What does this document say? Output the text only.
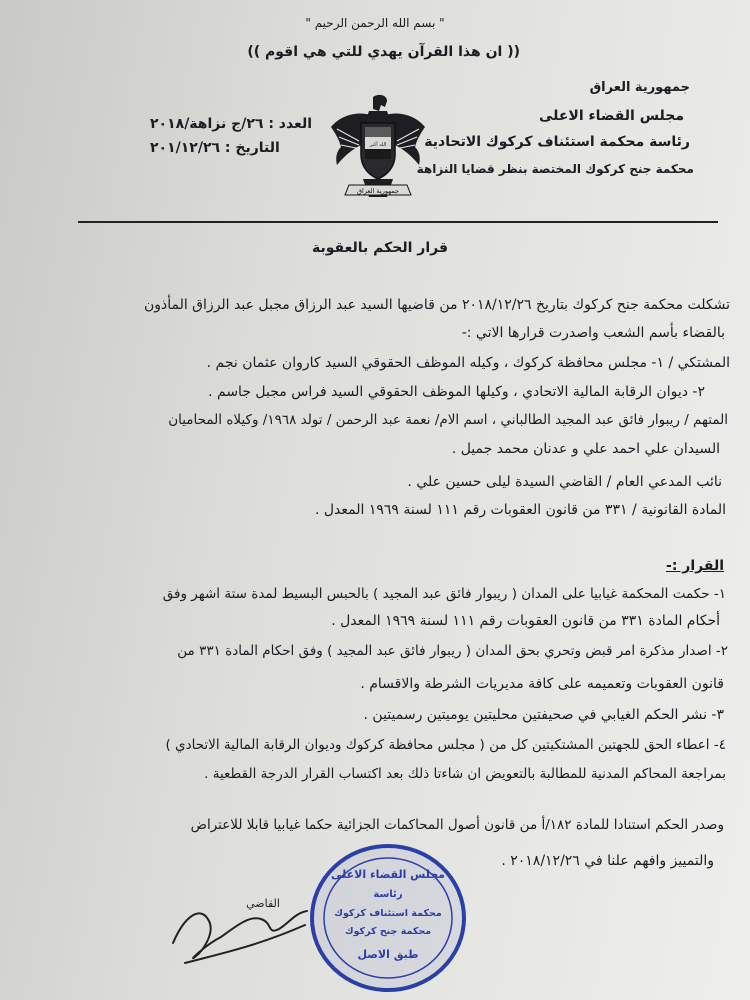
" بسم الله الرحمن الرحيم "
(( ان هذا القرآن يهدي للتي هي اقوم ))
جمهورية العراق
مجلس القضاء الاعلى
رئاسة محكمة استئناف كركوك الاتحادية
محكمة جنح كركوك المختصة بنظر قضايا النزاهة
العدد : ٢٦/ج نزاهة/٢٠١٨
التاريخ : ٢٠١/١٢/٢٦	الله أكبر
جمهورية العراق
قرار الحكم بالعقوبة
تشكلت محكمة جنح كركوك بتاريخ ٢٠١٨/١٢/٢٦ من قاضيها السيد عبد الرزاق مجبل عبد الرزاق المأذون
بالقضاء بأسم الشعب واصدرت قرارها الاتي :-
المشتكي / ١- مجلس محافظة كركوك ، وكيله الموظف الحقوقي السيد كاروان عثمان نجم .
٢- ديوان الرقابة المالية الاتحادي ، وكيلها الموظف الحقوقي السيد فراس مجبل جاسم .
المتهم / ريبوار فائق عبد المجيد الطالباني ، اسم الام/ نعمة عبد الرحمن / تولد ١٩٦٨/ وكيلاه المحاميان
السيدان علي احمد علي و عدنان محمد جميل .
نائب المدعي العام / القاضي السيدة ليلى حسين علي .
المادة القانونية / ٣٣١ من قانون العقوبات رقم ١١١ لسنة ١٩٦٩ المعدل .
القرار :-
١- حكمت المحكمة غيابيا على المدان ( ريبوار فائق عبد المجيد ) بالحبس البسيط لمدة ستة اشهر وفق
أحكام المادة ٣٣١ من قانون العقوبات رقم ١١١ لسنة ١٩٦٩ المعدل .
٢- اصدار مذكرة امر قبض وتحري بحق المدان ( ريبوار فائق عبد المجيد ) وفق احكام المادة ٣٣١ من
قانون العقوبات وتعميمه على كافة مديريات الشرطة والاقسام .
٣- نشر الحكم الغيابي في صحيفتين محليتين يوميتين رسميتين .
٤- اعطاء الحق للجهتين المشتكيتين كل من ( مجلس محافظة كركوك وديوان الرقابة المالية الاتحادي )
بمراجعة المحاكم المدنية للمطالبة بالتعويض ان شاءتا ذلك بعد اكتساب القرار الدرجة القطعية .
وصدر الحكم استنادا للمادة ١٨٢/أ من قانون أصول المحاكمات الجزائية حكما غيابيا قابلا للاعتراض
والتمييز وافهم علنا في ٢٠١٨/١٢/٢٦ .
القاضي
مجلس القضاء الاعلى
رئاسة
محكمة استئناف كركوك
محكمة جنح كركوك
طبق الاصل
